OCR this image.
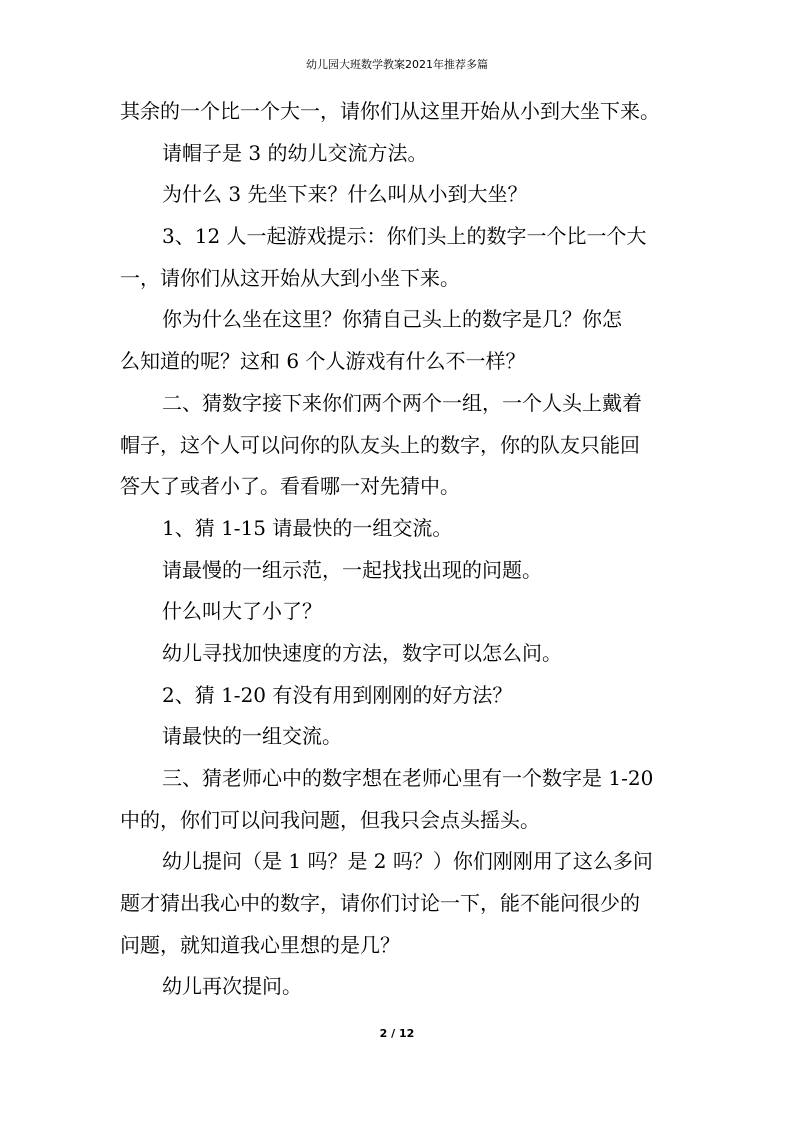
幼儿园大班数学教案2021年推荐多篇
其余的一个比一个大一，请你们从这里开始从小到大坐下来。
请帽子是 3 的幼儿交流方法。
为什么 3 先坐下来？什么叫从小到大坐？
3、12 人一起游戏提示：你们头上的数字一个比一个大
一，请你们从这开始从大到小坐下来。
你为什么坐在这里？你猜自己头上的数字是几？你怎
么知道的呢？这和 6 个人游戏有什么不一样？
二、猜数字接下来你们两个两个一组，一个人头上戴着
帽子，这个人可以问你的队友头上的数字，你的队友只能回
答大了或者小了。看看哪一对先猜中。
1、猜 1-15 请最快的一组交流。
请最慢的一组示范，一起找找出现的问题。
什么叫大了小了？
幼儿寻找加快速度的方法，数字可以怎么问。
2、猜 1-20 有没有用到刚刚的好方法？
请最快的一组交流。
三、猜老师心中的数字想在老师心里有一个数字是 1-20
中的，你们可以问我问题，但我只会点头摇头。
幼儿提问（是 1 吗？是 2 吗？）你们刚刚用了这么多问
题才猜出我心中的数字，请你们讨论一下，能不能问很少的
问题，就知道我心里想的是几？
幼儿再次提问。
2 / 12
